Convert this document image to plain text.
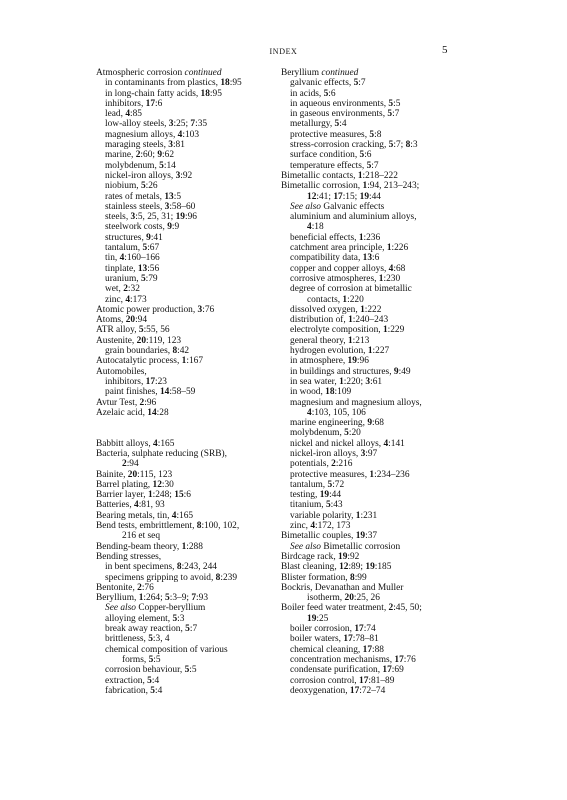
INDEX	5
Atmospheric corrosion continued
in contaminants from plastics, 18:95
in long-chain fatty acids, 18:95
inhibitors, 17:6
lead, 4:85
low-alloy steels, 3:25; 7:35
magnesium alloys, 4:103
maraging steels, 3:81
marine, 2:60; 9:62
molybdenum, 5:14
nickel-iron alloys, 3:92
niobium, 5:26
rates of metals, 13:5
stainless steels, 3:58–60
steels, 3:5, 25, 31; 19:96
steelwork costs, 9:9
structures, 9:41
tantalum, 5:67
tin, 4:160–166
tinplate, 13:56
uranium, 5:79
wet, 2:32
zinc, 4:173
Atomic power production, 3:76
Atoms, 20:94
ATR alloy, 5:55, 56
Austenite, 20:119, 123
grain boundaries, 8:42
Autocatalytic process, 1:167
Automobiles,
inhibitors, 17:23
paint finishes, 14:58–59
Avtur Test, 2:96
Azelaic acid, 14:28
Babbitt alloys, 4:165
Bacteria, sulphate reducing (SRB),
2:94
Bainite, 20:115, 123
Barrel plating, 12:30
Barrier layer, 1:248; 15:6
Batteries, 4:81, 93
Bearing metals, tin, 4:165
Bend tests, embrittlement, 8:100, 102,
216 et seq
Bending-beam theory, 1:288
Bending stresses,
in bent specimens, 8:243, 244
specimens gripping to avoid, 8:239
Bentonite, 2:76
Beryllium, 1:264; 5:3–9; 7:93
See also Copper-beryllium
alloying element, 5:3
break away reaction, 5:7
brittleness, 5:3, 4
chemical composition of various
forms, 5:5
corrosion behaviour, 5:5
extraction, 5:4
fabrication, 5:4
Beryllium continued
galvanic effects, 5:7
in acids, 5:6
in aqueous environments, 5:5
in gaseous environments, 5:7
metallurgy, 5:4
protective measures, 5:8
stress-corrosion cracking, 5:7; 8:3
surface condition, 5:6
temperature effects, 5:7
Bimetallic contacts, 1:218–222
Bimetallic corrosion, 1:94, 213–243;
12:41; 17:15; 19:44
See also Galvanic effects
aluminium and aluminium alloys,
4:18
beneficial effects, 1:236
catchment area principle, 1:226
compatibility data, 13:6
copper and copper alloys, 4:68
corrosive atmospheres, 1:230
degree of corrosion at bimetallic
contacts, 1:220
dissolved oxygen, 1:222
distribution of, 1:240–243
electrolyte composition, 1:229
general theory, 1:213
hydrogen evolution, 1:227
in atmosphere, 19:96
in buildings and structures, 9:49
in sea water, 1:220; 3:61
in wood, 18:109
magnesium and magnesium alloys,
4:103, 105, 106
marine engineering, 9:68
molybdenum, 5:20
nickel and nickel alloys, 4:141
nickel-iron alloys, 3:97
potentials, 2:216
protective measures, 1:234–236
tantalum, 5:72
testing, 19:44
titanium, 5:43
variable polarity, 1:231
zinc, 4:172, 173
Bimetallic couples, 19:37
See also Bimetallic corrosion
Birdcage rack, 19:92
Blast cleaning, 12:89; 19:185
Blister formation, 8:99
Bockris, Devanathan and Muller
isotherm, 20:25, 26
Boiler feed water treatment, 2:45, 50;
19:25
boiler corrosion, 17:74
boiler waters, 17:78–81
chemical cleaning, 17:88
concentration mechanisms, 17:76
condensate purification, 17:69
corrosion control, 17:81–89
deoxygenation, 17:72–74
